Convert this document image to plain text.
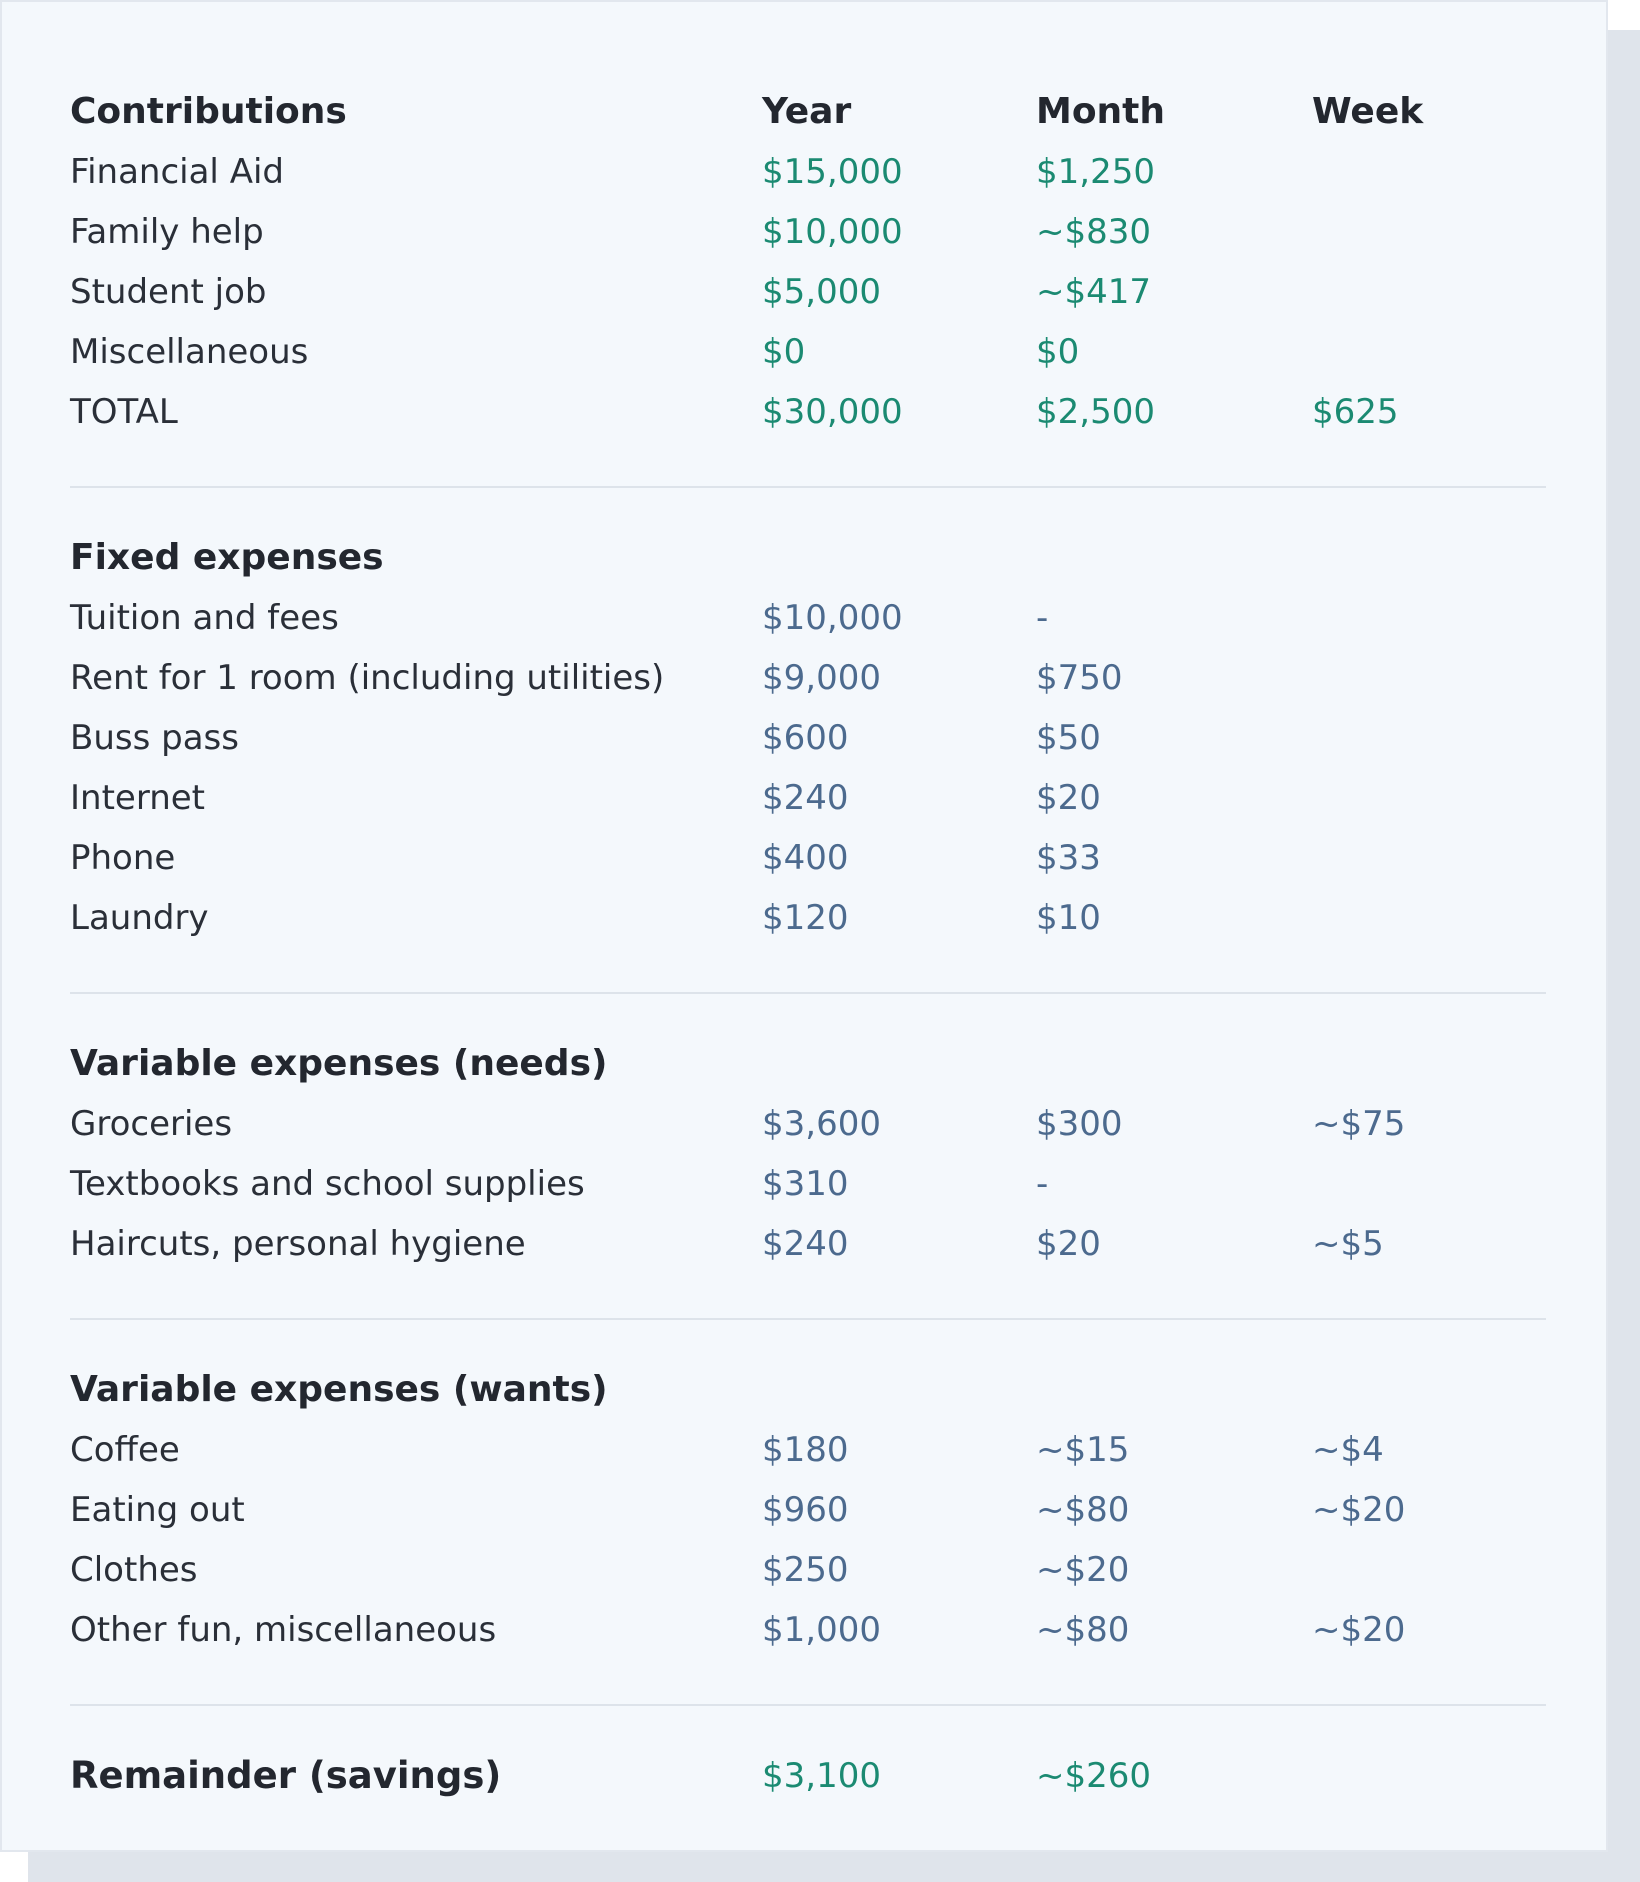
Contributions	Year	Month	Week
Financial Aid	$15,000	$1,250
Family help	$10,000	~$830
Student job	$5,000	~$417
Miscellaneous	$0	$0
TOTAL	$30,000	$2,500	$625
Fixed expenses
Tuition and fees	$10,000	-
Rent for 1 room (including utilities)	$9,000	$750
Buss pass	$600	$50
Internet	$240	$20
Phone	$400	$33
Laundry	$120	$10
Variable expenses (needs)
Groceries	$3,600	$300	~$75
Textbooks and school supplies	$310	-
Haircuts, personal hygiene	$240	$20	~$5
Variable expenses (wants)
Coffee	$180	~$15	~$4
Eating out	$960	~$80	~$20
Clothes	$250	~$20
Other fun, miscellaneous	$1,000	~$80	~$20
Remainder (savings)	$3,100	~$260
